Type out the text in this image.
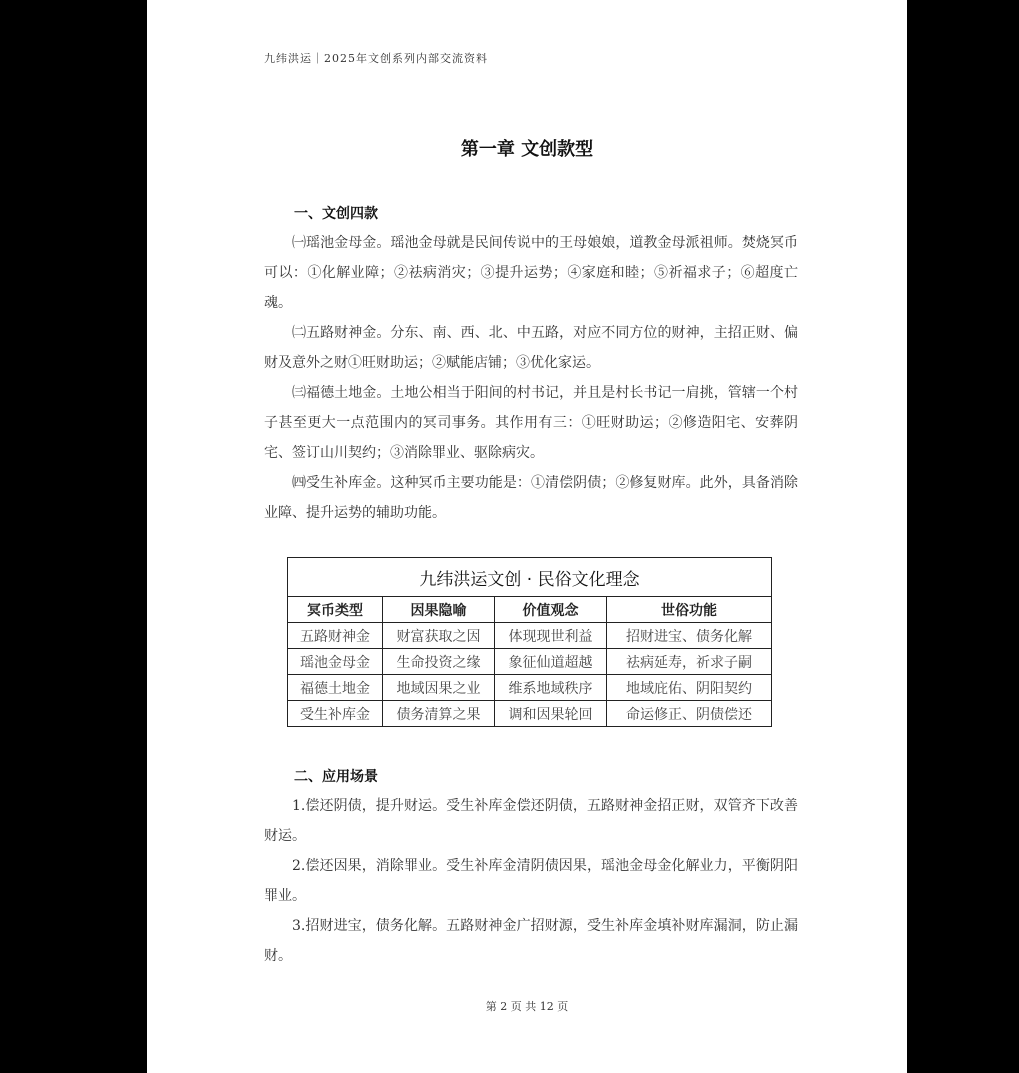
九纬洪运｜2025年文创系列内部交流资料
第一章 文创款型
一、文创四款

㈠瑶池金母金。瑶池金母就是民间传说中的王母娘娘，道教金母派祖师。焚烧冥币可以：①化解业障；②祛病消灾；③提升运势；④家庭和睦；⑤祈福求子；⑥超度亡魂。

㈡五路财神金。分东、南、西、北、中五路，对应不同方位的财神，主招正财、偏财及意外之财①旺财助运；②赋能店铺；③优化家运。

㈢福德土地金。土地公相当于阳间的村书记，并且是村长书记一肩挑，管辖一个村子甚至更大一点范围内的冥司事务。其作用有三：①旺财助运；②修造阳宅、安葬阴宅、签订山川契约；③消除罪业、驱除病灾。

㈣受生补库金。这种冥币主要功能是：①清偿阴债；②修复财库。此外，具备消除业障、提升运势的辅助功能。

九纬洪运文创 · 民俗文化理念			
冥币类型	因果隐喻	价值观念	世俗功能
五路财神金	财富获取之因	体现现世利益	招财进宝、债务化解
瑶池金母金	生命投资之缘	象征仙道超越	祛病延寿，祈求子嗣
福德土地金	地域因果之业	维系地域秩序	地域庇佑、阴阳契约
受生补库金	债务清算之果	调和因果轮回	命运修正、阴债偿还
二、应用场景

1.偿还阴债，提升财运。受生补库金偿还阴债，五路财神金招正财，双管齐下改善财运。

2.偿还因果，消除罪业。受生补库金清阴债因果，瑶池金母金化解业力，平衡阴阳罪业。

3.招财进宝，债务化解。五路财神金广招财源，受生补库金填补财库漏洞，防止漏财。

第 2 页 共 12 页
